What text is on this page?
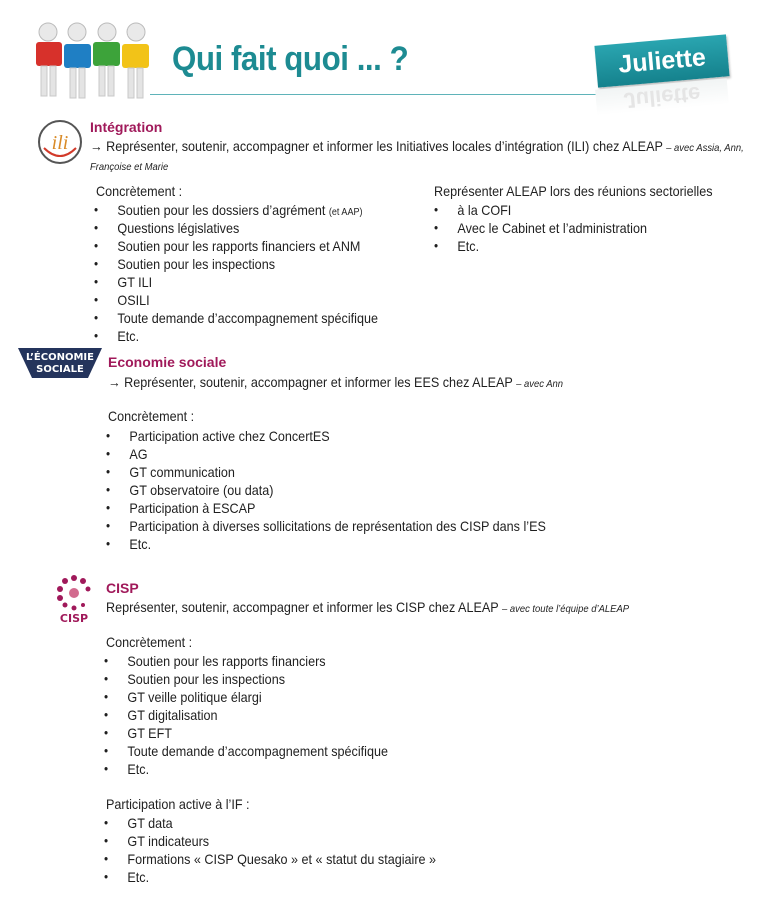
Qui fait quoi ... ?	Juliette
Juliette
ili
Intégration
→ Représenter, soutenir, accompagner et informer les Initiatives locales d’intégration (ILI) chez ALEAP – avec Assia, Ann, Françoise et Marie
Concrètement :
• Soutien pour les dossiers d’agrément (et AAP)
• Questions législatives
• Soutien pour les rapports financiers et ANM
• Soutien pour les inspections
• GT ILI
• OSILI
• Toute demande d’accompagnement spécifique
• Etc.
Représenter ALEAP lors des réunions sectorielles
• à la COFI
• Avec le Cabinet et l’administration
• Etc.
L’ÉCONOMIE
SOCIALE Economie sociale
→ Représenter, soutenir, accompagner et informer les EES chez ALEAP – avec Ann
Concrètement :
• Participation active chez ConcertES
• AG
• GT communication
• GT observatoire (ou data)
• Participation à ESCAP
• Participation à diverses sollicitations de représentation des CISP dans l’ES
• Etc.
CISP
CISP
Représenter, soutenir, accompagner et informer les CISP chez ALEAP – avec toute l’équipe d’ALEAP
Concrètement :
• Soutien pour les rapports financiers
• Soutien pour les inspections
• GT veille politique élargi
• GT digitalisation
• GT EFT
• Toute demande d’accompagnement spécifique
• Etc.
Participation active à l’IF :
• GT data
• GT indicateurs
• Formations « CISP Quesako » et « statut du stagiaire »
• Etc.
